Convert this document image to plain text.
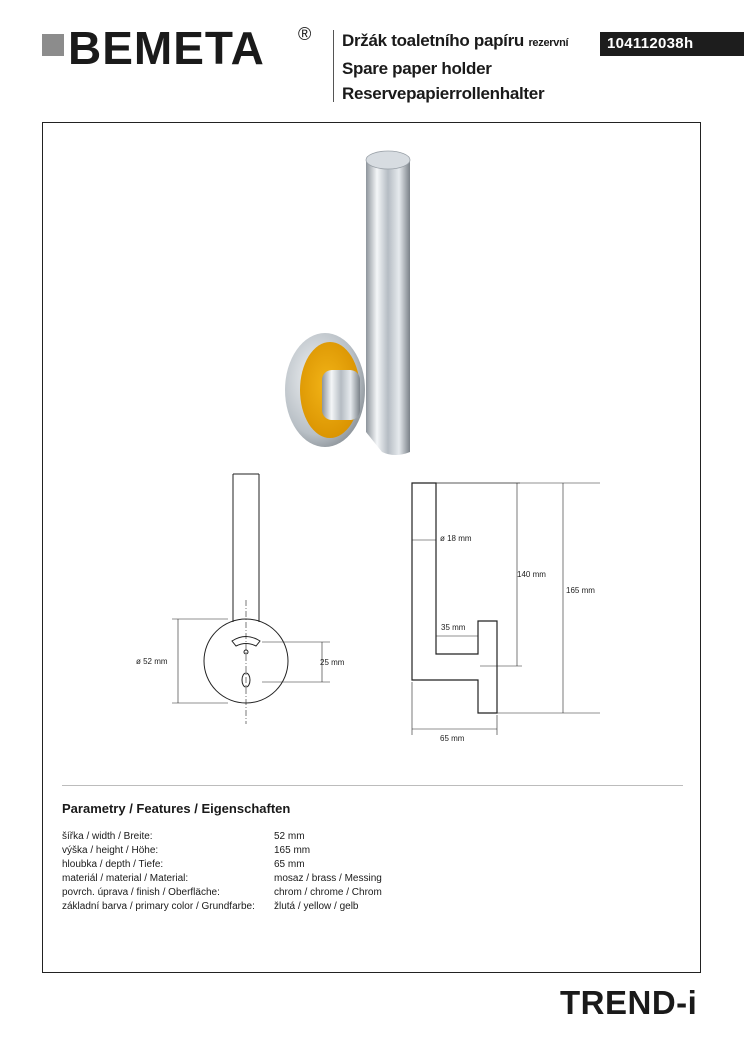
BEMETA ® Držák toaletního papíru rezervní
Spare paper holder
Reservepapierrollenhalter
104112038h
ø 52 mm	25 mm
ø 18 mm
140 mm
165 mm
35 mm
65 mm
Parametry / Features / Eigenschaften
šířka / width / Breite:	52 mm
výška / height / Höhe:	165 mm
hloubka / depth / Tiefe:	65 mm
materiál / material / Material:	mosaz / brass / Messing
povrch. úprava / finish / Oberfläche:	chrom / chrome / Chrom
základní barva / primary color / Grundfarbe:	žlutá / yellow / gelb
TREND-i
